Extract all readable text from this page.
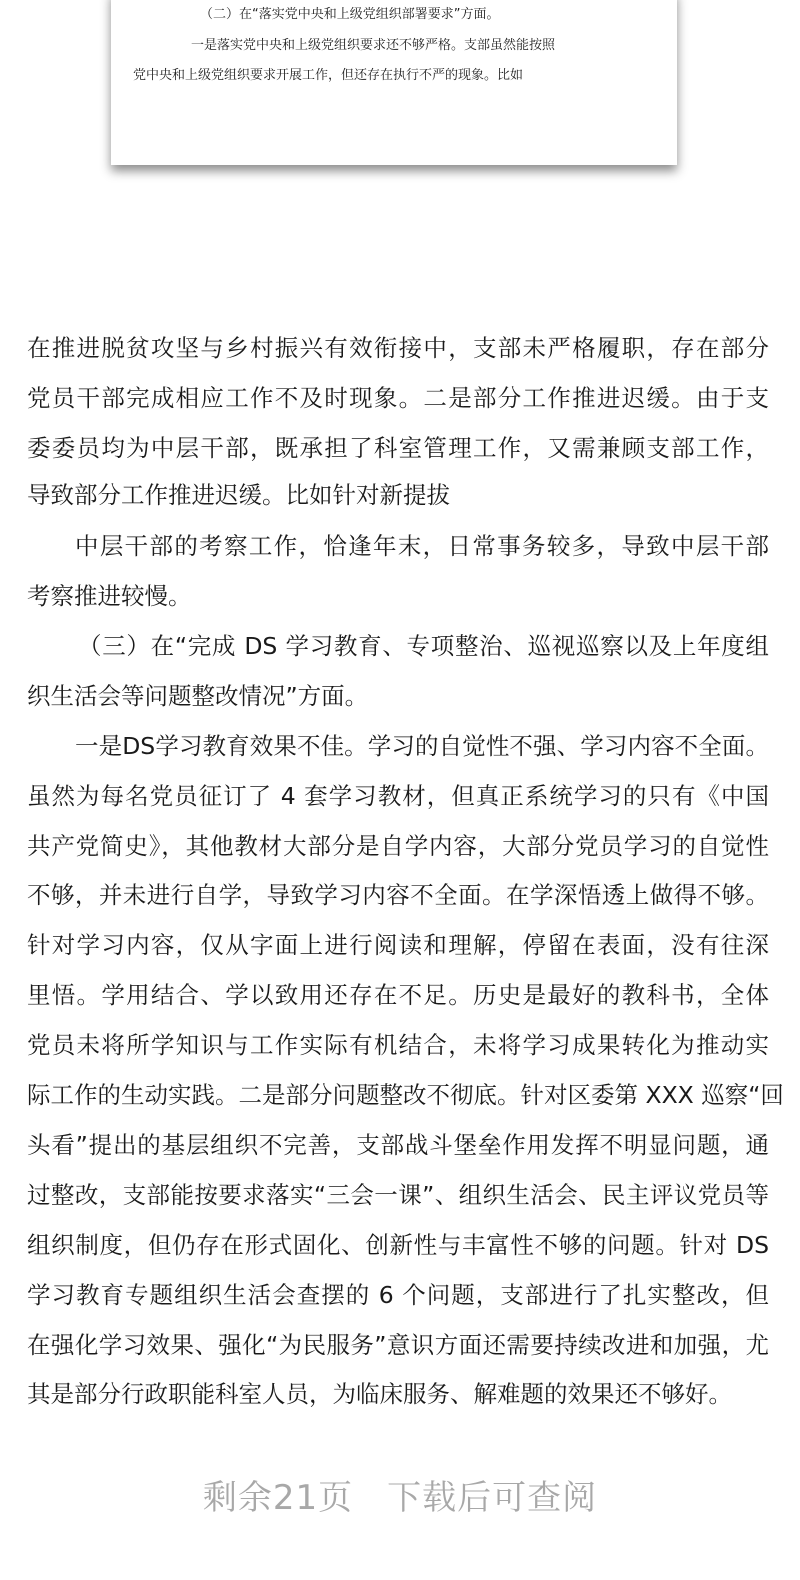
（二）在“落实党中央和上级党组织部署要求”方面。
一是落实党中央和上级党组织要求还不够严格。支部虽然能按照
党中央和上级党组织要求开展工作，但还存在执行不严的现象。比如
在推进脱贫攻坚与乡村振兴有效衔接中，支部未严格履职，存在部分
党员干部完成相应工作不及时现象。二是部分工作推进迟缓。由于支
委委员均为中层干部，既承担了科室管理工作，又需兼顾支部工作，
导致部分工作推进迟缓。比如针对新提拔
中层干部的考察工作，恰逢年末，日常事务较多，导致中层干部
考察推进较慢。
（三）在“完成 DS 学习教育、专项整治、巡视巡察以及上年度组
织生活会等问题整改情况”方面。
一是DS学习教育效果不佳。学习的自觉性不强、学习内容不全面。
虽然为每名党员征订了 4 套学习教材，但真正系统学习的只有《中国
共产党简史》，其他教材大部分是自学内容，大部分党员学习的自觉性
不够，并未进行自学，导致学习内容不全面。在学深悟透上做得不够。
针对学习内容，仅从字面上进行阅读和理解，停留在表面，没有往深
里悟。学用结合、学以致用还存在不足。历史是最好的教科书，全体
党员未将所学知识与工作实际有机结合，未将学习成果转化为推动实
际工作的生动实践。二是部分问题整改不彻底。针对区委第 XXX 巡察“回
头看”提出的基层组织不完善，支部战斗堡垒作用发挥不明显问题，通
过整改，支部能按要求落实“三会一课”、组织生活会、民主评议党员等
组织制度，但仍存在形式固化、创新性与丰富性不够的问题。针对 DS
学习教育专题组织生活会查摆的 6 个问题，支部进行了扎实整改，但
在强化学习效果、强化“为民服务”意识方面还需要持续改进和加强，尤
其是部分行政职能科室人员，为临床服务、解难题的效果还不够好。
剩余21页 下载后可查阅
